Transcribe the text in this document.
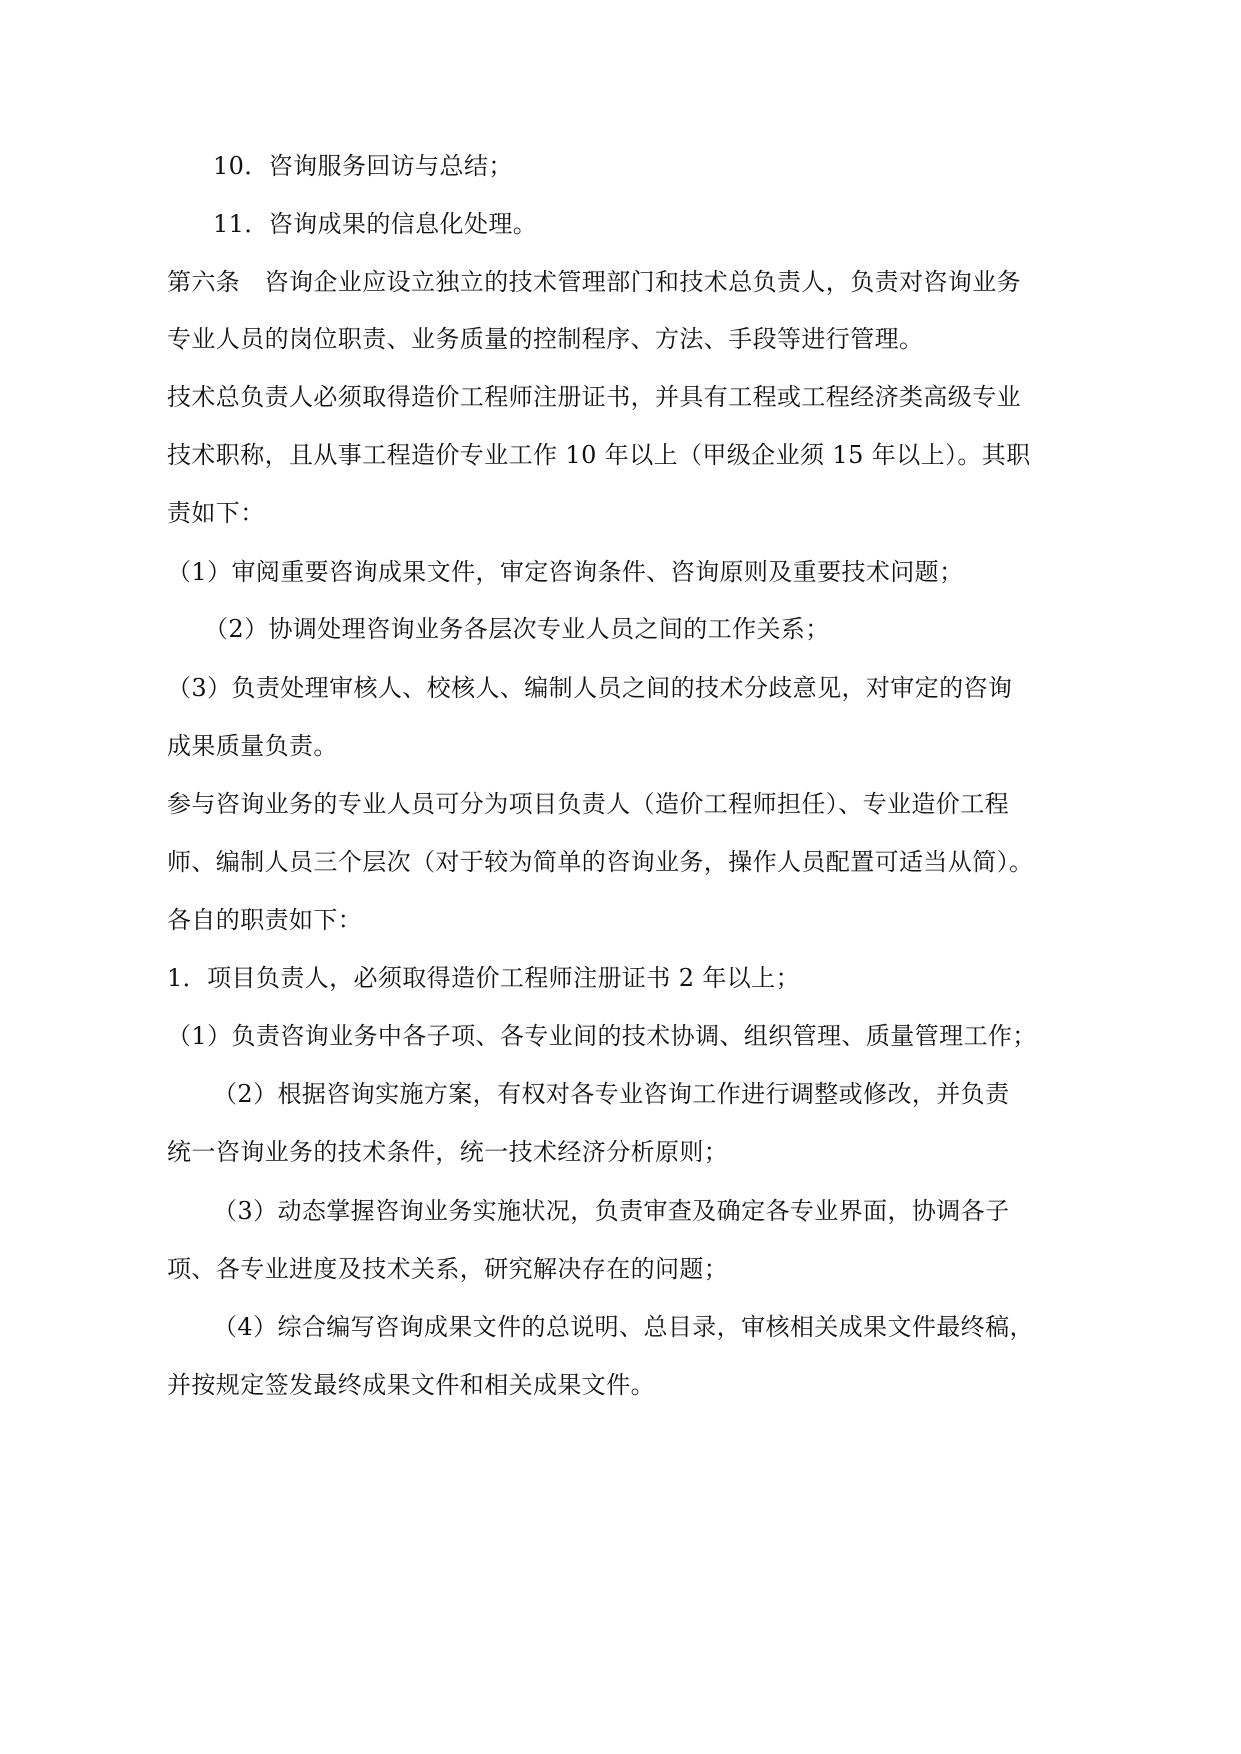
10．咨询服务回访与总结；
11．咨询成果的信息化处理。
第六条　咨询企业应设立独立的技术管理部门和技术总负责人，负责对咨询业务
专业人员的岗位职责、业务质量的控制程序、方法、手段等进行管理。
技术总负责人必须取得造价工程师注册证书，并具有工程或工程经济类高级专业
技术职称，且从事工程造价专业工作 10 年以上（甲级企业须 15 年以上）。其职
责如下：
（1）审阅重要咨询成果文件，审定咨询条件、咨询原则及重要技术问题；
（2）协调处理咨询业务各层次专业人员之间的工作关系；
（3）负责处理审核人、校核人、编制人员之间的技术分歧意见，对审定的咨询
成果质量负责。
参与咨询业务的专业人员可分为项目负责人（造价工程师担任）、专业造价工程
师、编制人员三个层次（对于较为简单的咨询业务，操作人员配置可适当从简）。
各自的职责如下：
1．项目负责人，必须取得造价工程师注册证书 2 年以上；
（1）负责咨询业务中各子项、各专业间的技术协调、组织管理、质量管理工作；
（2）根据咨询实施方案，有权对各专业咨询工作进行调整或修改，并负责
统一咨询业务的技术条件，统一技术经济分析原则；
（3）动态掌握咨询业务实施状况，负责审查及确定各专业界面，协调各子
项、各专业进度及技术关系，研究解决存在的问题；
（4）综合编写咨询成果文件的总说明、总目录，审核相关成果文件最终稿，
并按规定签发最终成果文件和相关成果文件。
